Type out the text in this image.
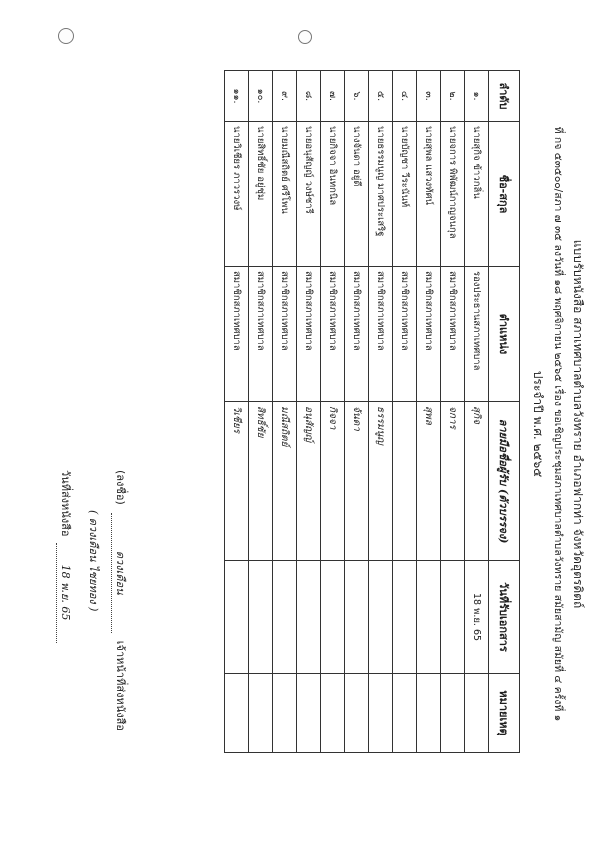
แบบรับหนังสือ สภาเทศบาลตำบลวังทราย อำเภอฟากท่า จังหวัดอุตรดิตถ์
ที่ กจ ๕๓๕๐๐/สภา ๗ ๓๕ ลงวันที่ ๑๘ พฤศจิกายน ๒๕๖๕ เรื่อง ขอเชิญประชุมสภาเทศบาลตำบลวังทราย สมัยสามัญ สมัยที่ ๔ ครั้งที่ ๑
ประจำปี พ.ศ. ๒๕๖๕
ลำดับ	ชื่อ-สกุล	ตำแหน่ง	ลายมือชื่อผู้รับ (ตัวบรรจง)	วันที่รับเอกสาร	หมายเหตุ
๑.	นายสุกิจ ข้าวกลิ่น	รองประธานสภาเทศบาล	สุกิจ	18 พ.ย. 65	
๒.	นายจการ พิพัฒน์กาญจนกุล	สมาชิกสภาเทศบาล	จการ		
๓.	นายสุพล แสวงทัศน์	สมาชิกสภาเทศบาล	สุพล		
๔.	นายบัญชา วีระนันท์	สมาชิกสภาเทศบาล			
๕.	นายธรรมนูญ มาศประเสริฐ	สมาชิกสภาเทศบาล	ธรรมนูญ		
๖.	นางจันดา อยู่ดี	สมาชิกสภาเทศบาล	จันดา		
๗.	นายกิจจา อินทกนิล	สมาชิกสภาเทศบาล	กิจจา		
๘.	นายอนุสัญญ์ วงษ์ชารี	สมาชิกสภาเทศบาล	อนุสัญญ์		
๙.	นายมณีสถิตย์ ศรีโพน	สมาชิกสภาเทศบาล	มณีสถิตย์		
๑๐.	นายสิทธิ์ชัย อยู่ชุ่ม	สมาชิกสภาเทศบาล	สิทธิ์ชัย		
๑๑.	นายวิเชียร ภาวรวงษ์	สมาชิกสภาเทศบาล	วิเชียร		
(ลงชื่อ)
ดวงเดือน
เจ้าหน้าที่ส่งหนังสือ
( ดวงเดือน ไชยทอง )
วันที่ส่งหนังสือ
18 พ.ย. 65
